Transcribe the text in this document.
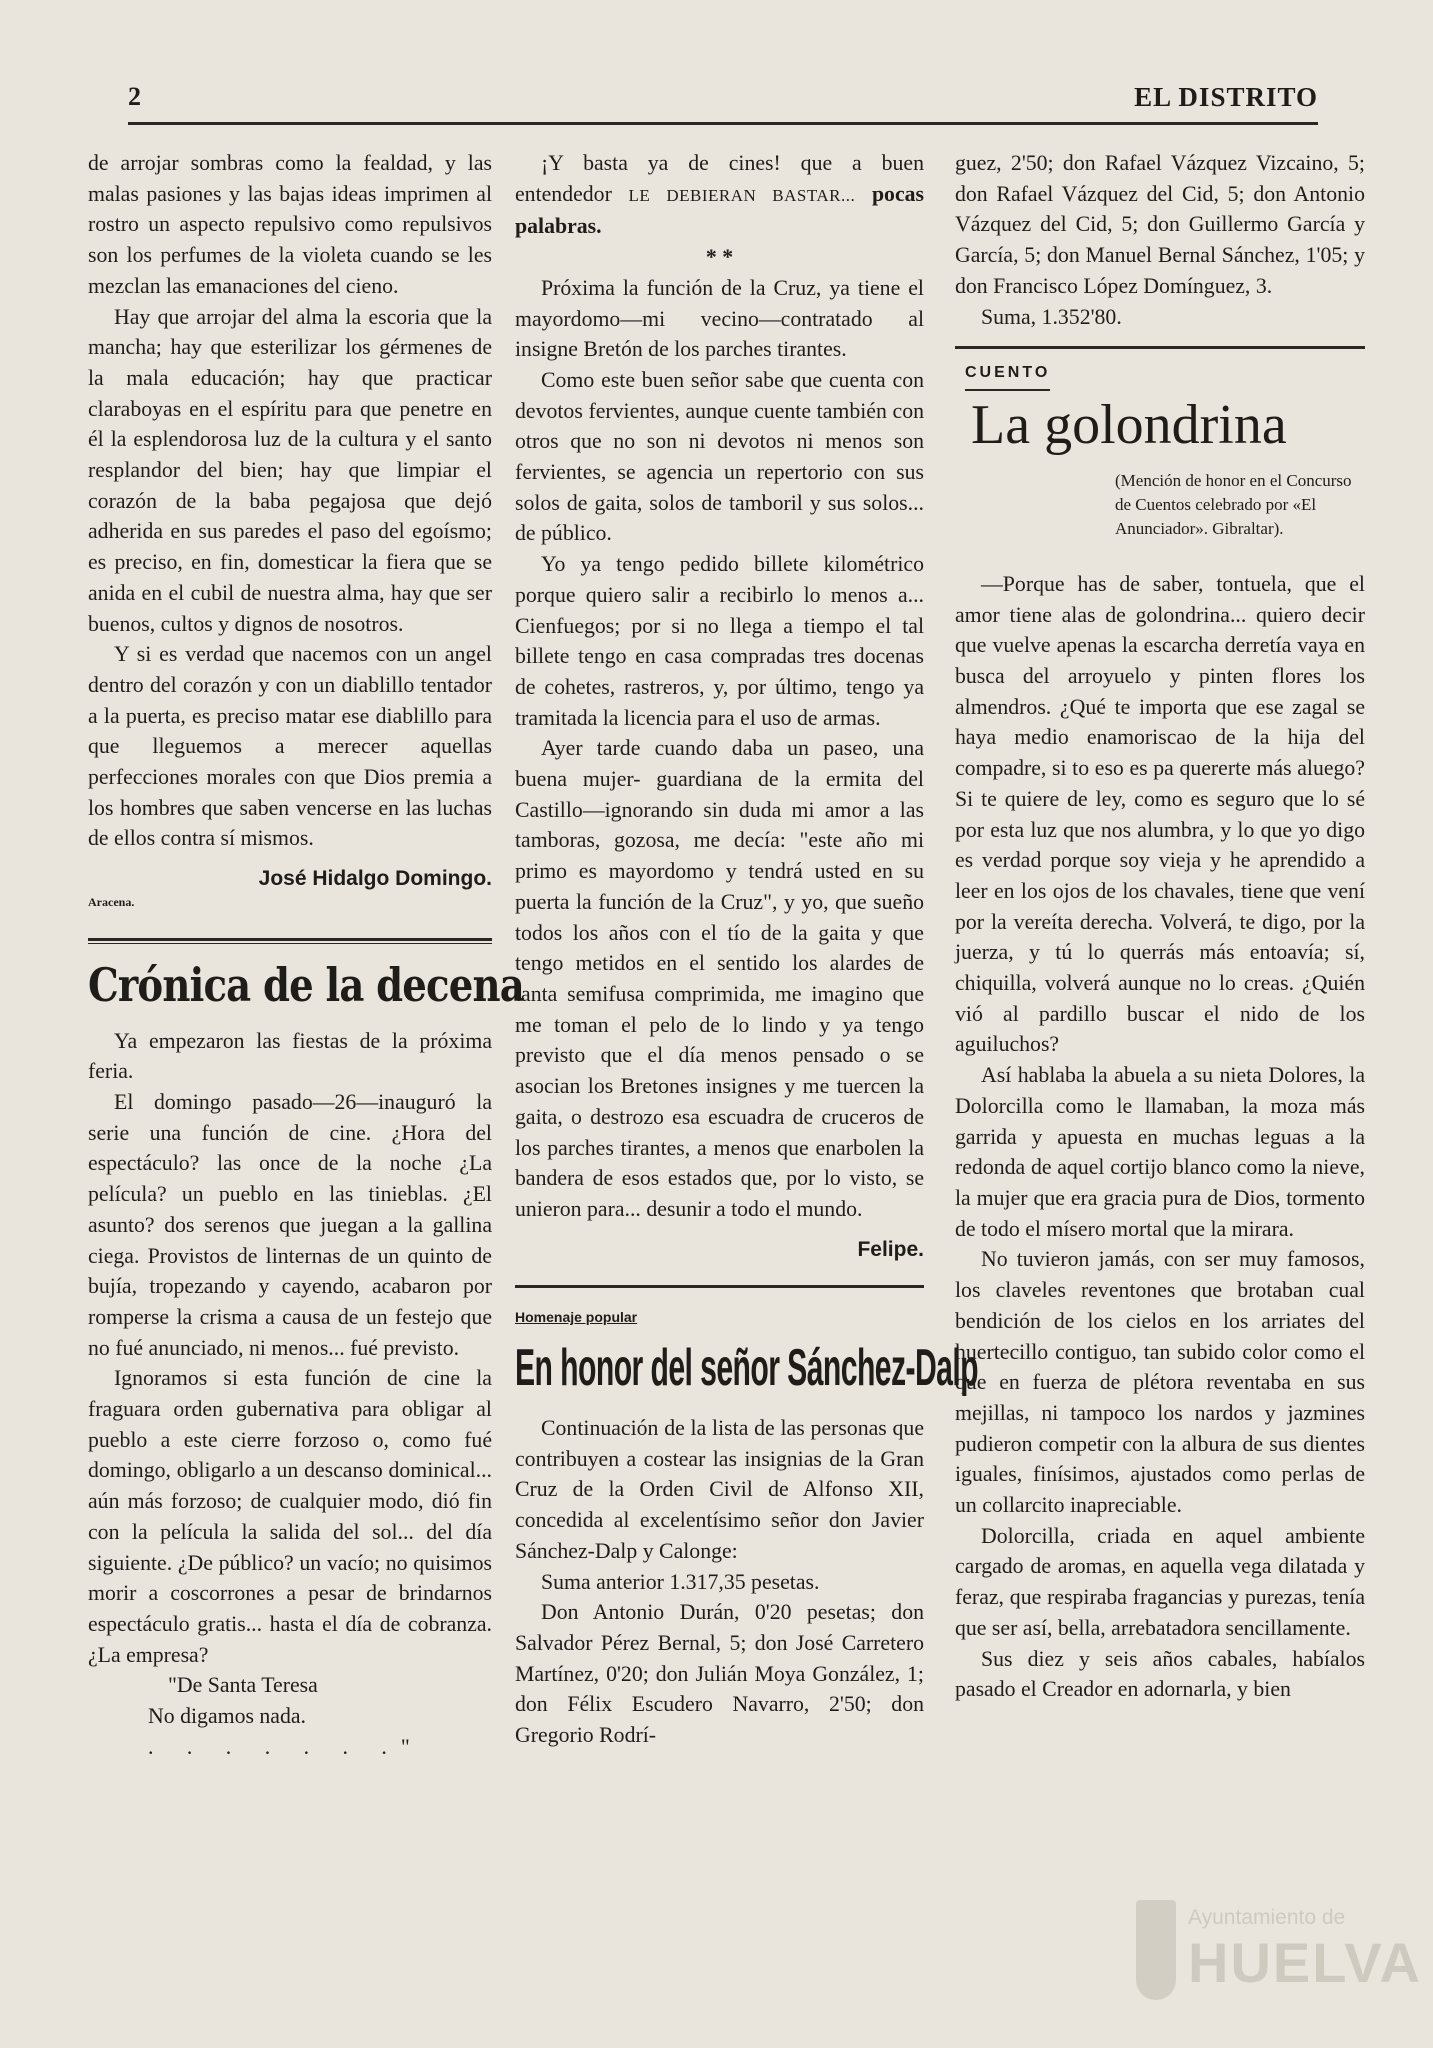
2	EL DISTRITO

de arrojar sombras como la fealdad, y las malas pasiones y las bajas ideas imprimen al rostro un aspecto repulsivo como repulsivos son los perfumes de la violeta cuando se les mezclan las emanaciones del cieno.

Hay que arrojar del alma la escoria que la mancha; hay que esterilizar los gérmenes de la mala educación; hay que practicar claraboyas en el espíritu para que penetre en él la esplendorosa luz de la cultura y el santo resplandor del bien; hay que limpiar el corazón de la baba pegajosa que dejó adherida en sus paredes el paso del egoísmo; es preciso, en fin, domesticar la fiera que se anida en el cubil de nuestra alma, hay que ser buenos, cultos y dignos de nosotros.

Y si es verdad que nacemos con un angel dentro del corazón y con un diablillo tentador a la puerta, es preciso matar ese diablillo para que lleguemos a merecer aquellas perfecciones morales con que Dios premia a los hombres que saben vencerse en las luchas de ellos contra sí mismos.

José Hidalgo Domingo.

Aracena.

Crónica de la decena

Ya empezaron las fiestas de la próxima feria.

El domingo pasado—26—inauguró la serie una función de cine. ¿Hora del espectáculo? las once de la noche ¿La película? un pueblo en las tinieblas. ¿El asunto? dos serenos que juegan a la gallina ciega. Provistos de linternas de un quinto de bujía, tropezando y cayendo, acabaron por romperse la crisma a causa de un festejo que no fué anunciado, ni menos... fué previsto.

Ignoramos si esta función de cine la fraguara orden gubernativa para obligar al pueblo a este cierre forzoso o, como fué domingo, obligarlo a un descanso dominical... aún más forzoso; de cualquier modo, dió fin con la película la salida del sol... del día siguiente. ¿De público? un vacío; no quisimos morir a coscorrones a pesar de brindarnos espectáculo gratis... hasta el día de cobranza. ¿La empresa?

"De Santa Teresa

No digamos nada.

. . . . . . ."

¡Y basta ya de cines! que a buen entendedor LE DEBIERAN BASTAR... pocas palabras.

* *

Próxima la función de la Cruz, ya tiene el mayordomo—mi vecino—contratado al insigne Bretón de los parches tirantes.

Como este buen señor sabe que cuenta con devotos fervientes, aunque cuente también con otros que no son ni devotos ni menos son fervientes, se agencia un repertorio con sus solos de gaita, solos de tamboril y sus solos... de público.

Yo ya tengo pedido billete kilométrico porque quiero salir a recibirlo lo menos a... Cienfuegos; por si no llega a tiempo el tal billete tengo en casa compradas tres docenas de cohetes, rastreros, y, por último, tengo ya tramitada la licencia para el uso de armas.

Ayer tarde cuando daba un paseo, una buena mujer- guardiana de la ermita del Castillo—ignorando sin duda mi amor a las tamboras, gozosa, me decía: "este año mi primo es mayordomo y tendrá usted en su puerta la función de la Cruz", y yo, que sueño todos los años con el tío de la gaita y que tengo metidos en el sentido los alardes de tanta semifusa comprimida, me imagino que me toman el pelo de lo lindo y ya tengo previsto que el día menos pensado o se asocian los Bretones insignes y me tuercen la gaita, o destrozo esa escuadra de cruceros de los parches tirantes, a menos que enarbolen la bandera de esos estados que, por lo visto, se unieron para... desunir a todo el mundo.

Felipe.

Homenaje popular
En honor del señor Sánchez-Dalp

Continuación de la lista de las personas que contribuyen a costear las insignias de la Gran Cruz de la Orden Civil de Alfonso XII, concedida al excelentísimo señor don Javier Sánchez-Dalp y Calonge:

Suma anterior 1.317,35 pesetas.

Don Antonio Durán, 0'20 pesetas; don Salvador Pérez Bernal, 5; don José Carretero Martínez, 0'20; don Julián Moya González, 1; don Félix Escudero Navarro, 2'50; don Gregorio Rodrí-

guez, 2'50; don Rafael Vázquez Vizcaino, 5; don Rafael Vázquez del Cid, 5; don Antonio Vázquez del Cid, 5; don Guillermo García y García, 5; don Manuel Bernal Sánchez, 1'05; y don Francisco López Domínguez, 3.

Suma, 1.352'80.

CUENTO
La golondrina

(Mención de honor en el Concurso de Cuentos celebrado por «El Anunciador». Gibraltar).

—Porque has de saber, tontuela, que el amor tiene alas de golondrina... quiero decir que vuelve apenas la escarcha derretía vaya en busca del arroyuelo y pinten flores los almendros. ¿Qué te importa que ese zagal se haya medio enamoriscao de la hija del compadre, si to eso es pa quererte más aluego? Si te quiere de ley, como es seguro que lo sé por esta luz que nos alumbra, y lo que yo digo es verdad porque soy vieja y he aprendido a leer en los ojos de los chavales, tiene que vení por la vereíta derecha. Volverá, te digo, por la juerza, y tú lo querrás más entoavía; sí, chiquilla, volverá aunque no lo creas. ¿Quién vió al pardillo buscar el nido de los aguiluchos?

Así hablaba la abuela a su nieta Dolores, la Dolorcilla como le llamaban, la moza más garrida y apuesta en muchas leguas a la redonda de aquel cortijo blanco como la nieve, la mujer que era gracia pura de Dios, tormento de todo el mísero mortal que la mirara.

No tuvieron jamás, con ser muy famosos, los claveles reventones que brotaban cual bendición de los cielos en los arriates del huertecillo contiguo, tan subido color como el que en fuerza de plétora reventaba en sus mejillas, ni tampoco los nardos y jazmines pudieron competir con la albura de sus dientes iguales, finísimos, ajustados como perlas de un collarcito inapreciable.

Dolorcilla, criada en aquel ambiente cargado de aromas, en aquella vega dilatada y feraz, que respiraba fragancias y purezas, tenía que ser así, bella, arrebatadora sencillamente.

Sus diez y seis años cabales, habíalos pasado el Creador en adornarla, y bien

Ayuntamiento de
HUELVA
